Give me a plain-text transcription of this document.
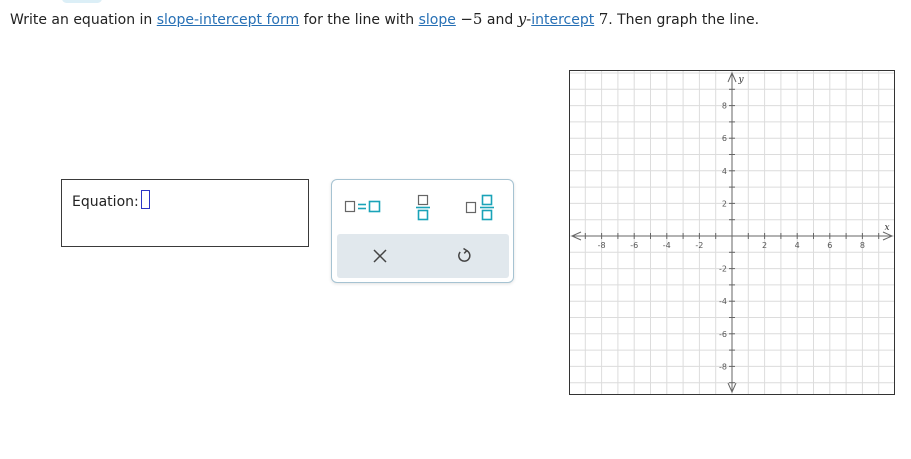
Write an equation in slope-intercept form for the line with slope −5 and y-intercept 7. Then graph the line.
Equation:
-8	-6	-4	-2	2	4	6	8
8
6
4
2
-2
-4
-6
-8
x
y
